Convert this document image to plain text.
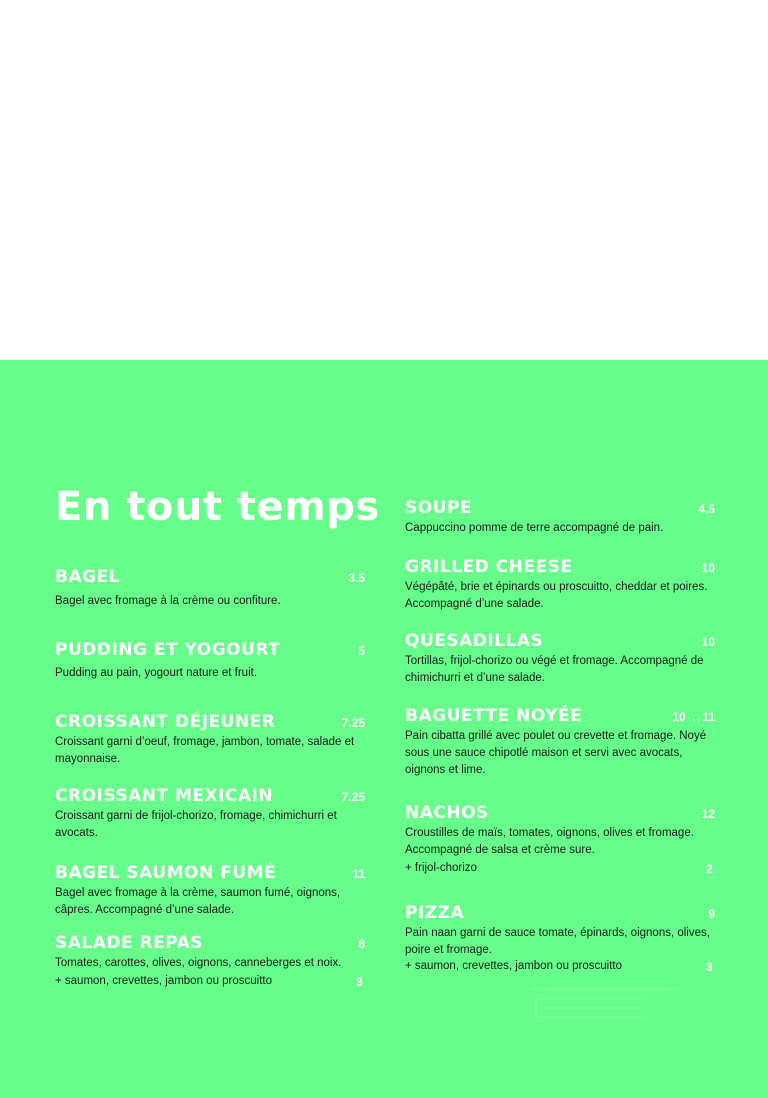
En tout temps
BAGEL	3.5
Bagel avec fromage à la crème ou confiture.
PUDDING ET YOGOURT	5
Pudding au pain, yogourt nature et fruit.
CROISSANT DÉJEUNER	7.25
Croissant garni d’oeuf, fromage, jambon, tomate, salade et mayonnaise.
CROISSANT MEXICAIN	7.25
Croissant garni de frijol-chorizo, fromage, chimichurri et avocats.
BAGEL SAUMON FUMÉ	11
Bagel avec fromage à la crème, saumon fumé, oignons, câpres. Accompagné d’une salade.
SALADE REPAS	8
Tomates, carottes, olives, oignons, canneberges et noix.
+ saumon, crevettes, jambon ou proscuitto	3
SOUPE	4.5
Cappuccino pomme de terre accompagné de pain.
GRILLED CHEESE	10
Végépâté, brie et épinards ou proscuitto, cheddar et poires. Accompagné d’une salade.
QUESADILLAS	10
Tortillas, frijol-chorizo ou végé et fromage. Accompagné de chimichurri et d’une salade.
BAGUETTE NOYÉE	10  .  11
Pain cibatta grillé avec poulet ou crevette et fromage. Noyé sous une sauce chipotlé maison et servi avec avocats, oignons et lime.
NACHOS	12
Croustilles de maïs, tomates, oignons, olives et fromage. Accompagné de salsa et crème sure.
+ frijol-chorizo	2
PIZZA	9
Pain naan garni de sauce tomate, épinards, oignons, olives, poire et fromage.
+ saumon, crevettes, jambon ou proscuitto	3
